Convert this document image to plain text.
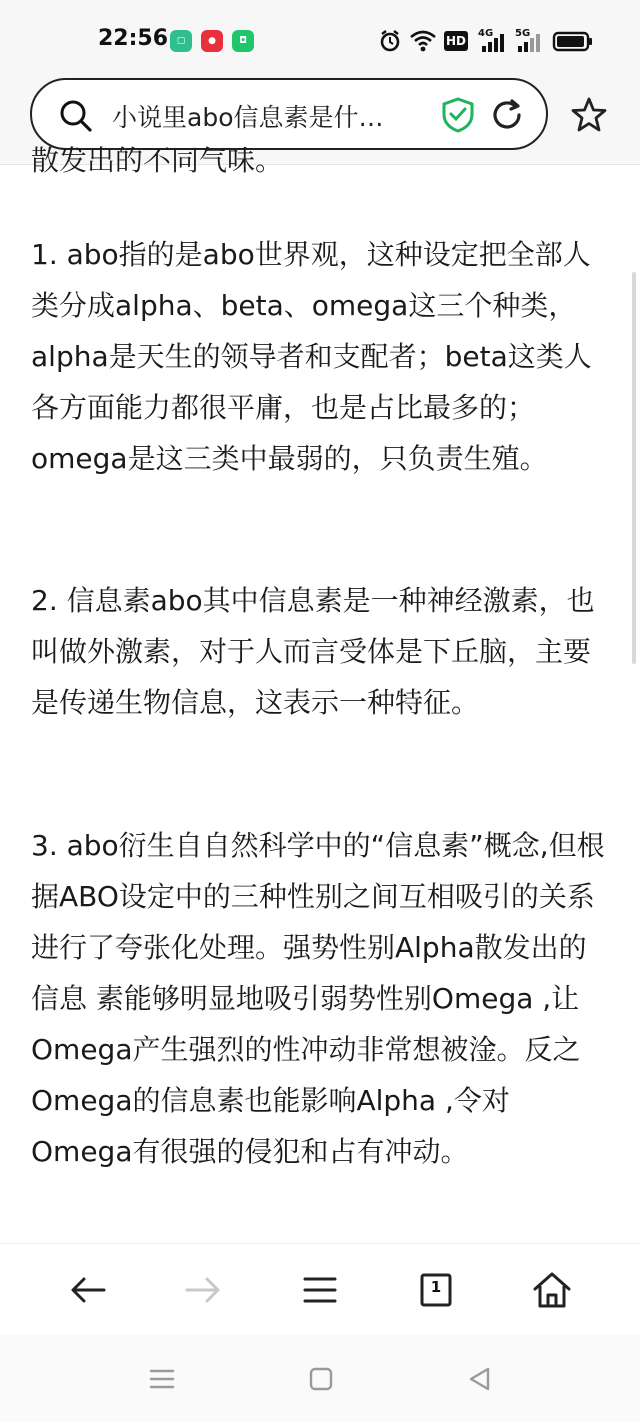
22:56 ▢	●	◘	HD
4G 5G
小说里abo信息素是什…
散发出的不同气味。
1. abo指的是abo世界观，这种设定把全部人类分成alpha、beta、omega这三个种类，alpha是天生的领导者和支配者；beta这类人各方面能力都很平庸，也是占比最多的；omega是这三类中最弱的，只负责生殖。
2. 信息素abo其中信息素是一种神经激素，也叫做外激素，对于人而言受体是下丘脑，主要是传递生物信息，这表示一种特征。
3. abo衍生自自然科学中的“信息素”概念,但根据ABO设定中的三种性别之间互相吸引的关系进行了夸张化处理。强势性别Alpha散发出的信息 素能够明显地吸引弱势性别Omega ,让Omega产生强烈的性冲动非常想被淦。反之Omega的信息素也能影响Alpha ,令对Omega有很强的侵犯和占有冲动。
1
